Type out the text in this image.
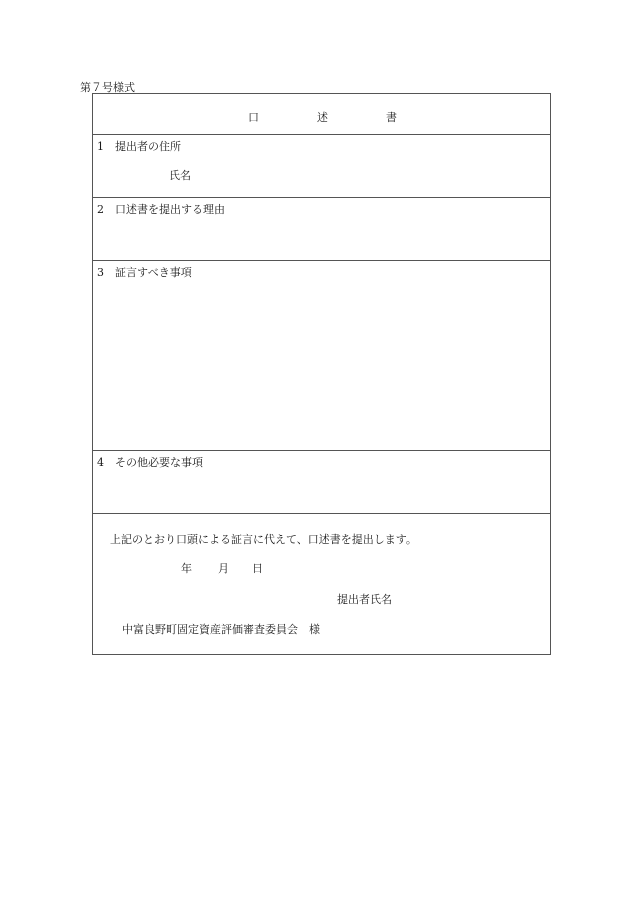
第７号様式
口	述	書
1 提出者の住所
氏名
2 口述書を提出する理由
3 証言すべき事項
4 その他必要な事項
上記のとおり口頭による証言に代えて、口述書を提出します。
年 月 日
提出者氏名
中富良野町固定資産評価審査委員会　様
